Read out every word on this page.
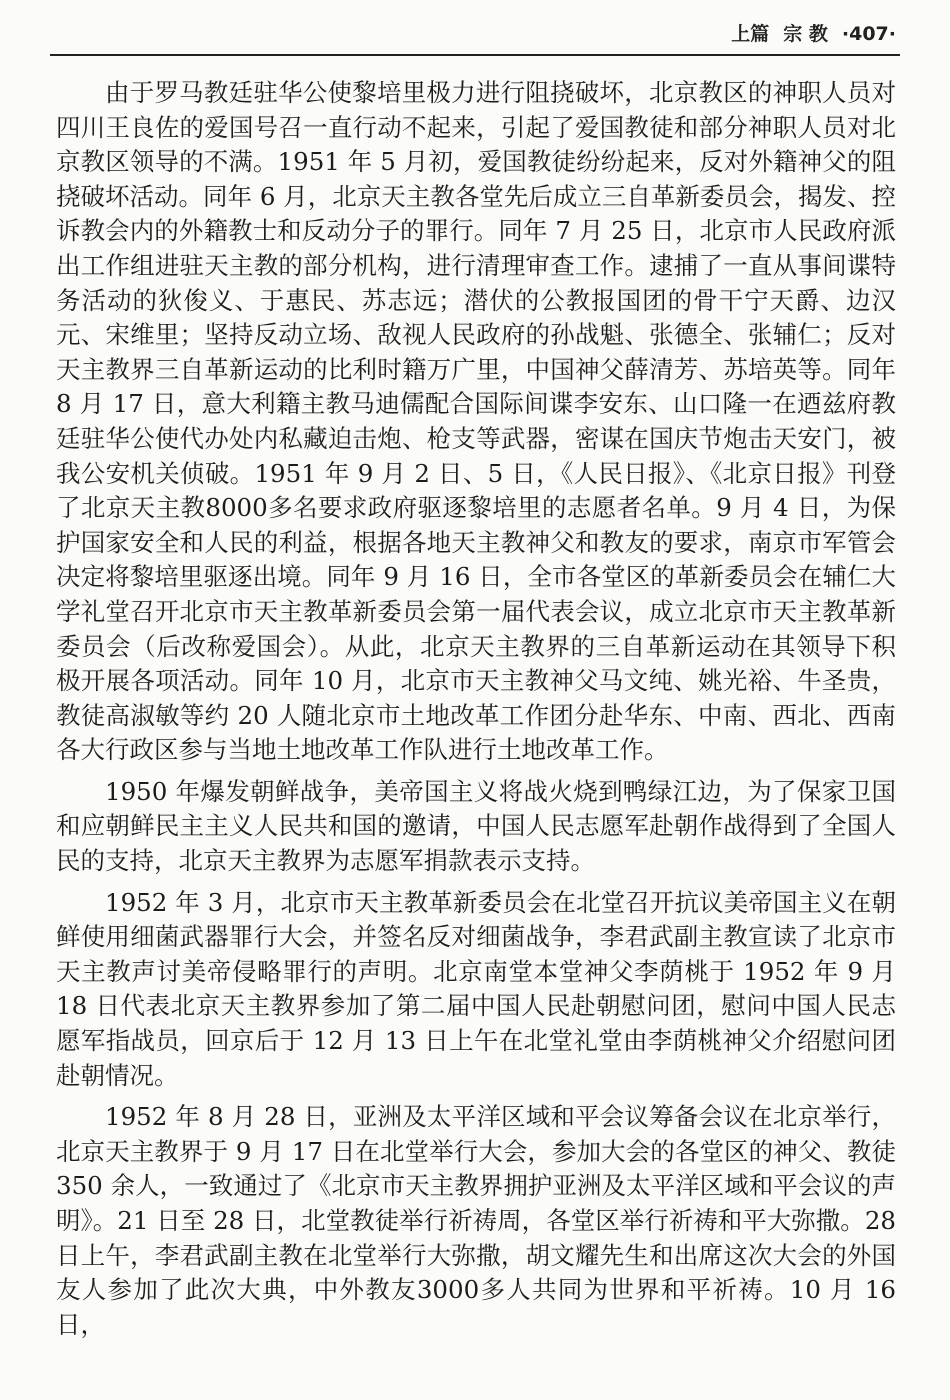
上篇 宗 教 ·407·

由于罗马教廷驻华公使黎培里极力进行阻挠破坏，北京教区的神职人员对四川王良佐的爱国号召一直行动不起来，引起了爱国教徒和部分神职人员对北京教区领导的不满。1951 年 5 月初，爱国教徒纷纷起来，反对外籍神父的阻挠破坏活动。同年 6 月，北京天主教各堂先后成立三自革新委员会，揭发、控诉教会内的外籍教士和反动分子的罪行。同年 7 月 25 日，北京市人民政府派出工作组进驻天主教的部分机构，进行清理审查工作。逮捕了一直从事间谍特务活动的狄俊义、于惠民、苏志远；潜伏的公教报国团的骨干宁天爵、边汉元、宋维里；坚持反动立场、敌视人民政府的孙战魁、张德全、张辅仁；反对天主教界三自革新运动的比利时籍万广里，中国神父薛清芳、苏培英等。同年 8 月 17 日，意大利籍主教马迪儒配合国际间谍李安东、山口隆一在迺兹府教廷驻华公使代办处内私藏迫击炮、枪支等武器，密谋在国庆节炮击天安门，被我公安机关侦破。1951 年 9 月 2 日、5 日，《人民日报》、《北京日报》刊登了北京天主教8000多名要求政府驱逐黎培里的志愿者名单。9 月 4 日，为保护国家安全和人民的利益，根据各地天主教神父和教友的要求，南京市军管会决定将黎培里驱逐出境。同年 9 月 16 日，全市各堂区的革新委员会在辅仁大学礼堂召开北京市天主教革新委员会第一届代表会议，成立北京市天主教革新委员会（后改称爱国会）。从此，北京天主教界的三自革新运动在其领导下积极开展各项活动。同年 10 月，北京市天主教神父马文纯、姚光裕、牛圣贵，教徒高淑敏等约 20 人随北京市土地改革工作团分赴华东、中南、西北、西南各大行政区参与当地土地改革工作队进行土地改革工作。

1950 年爆发朝鲜战争，美帝国主义将战火烧到鸭绿江边，为了保家卫国和应朝鲜民主主义人民共和国的邀请，中国人民志愿军赴朝作战得到了全国人民的支持，北京天主教界为志愿军捐款表示支持。

1952 年 3 月，北京市天主教革新委员会在北堂召开抗议美帝国主义在朝鲜使用细菌武器罪行大会，并签名反对细菌战争，李君武副主教宣读了北京市天主教声讨美帝侵略罪行的声明。北京南堂本堂神父李荫桃于 1952 年 9 月 18 日代表北京天主教界参加了第二届中国人民赴朝慰问团，慰问中国人民志愿军指战员，回京后于 12 月 13 日上午在北堂礼堂由李荫桃神父介绍慰问团赴朝情况。

1952 年 8 月 28 日，亚洲及太平洋区域和平会议筹备会议在北京举行，北京天主教界于 9 月 17 日在北堂举行大会，参加大会的各堂区的神父、教徒 350 余人，一致通过了《北京市天主教界拥护亚洲及太平洋区域和平会议的声明》。21 日至 28 日，北堂教徒举行祈祷周，各堂区举行祈祷和平大弥撒。28 日上午，李君武副主教在北堂举行大弥撒，胡文耀先生和出席这次大会的外国友人参加了此次大典，中外教友3000多人共同为世界和平祈祷。10 月 16 日，
